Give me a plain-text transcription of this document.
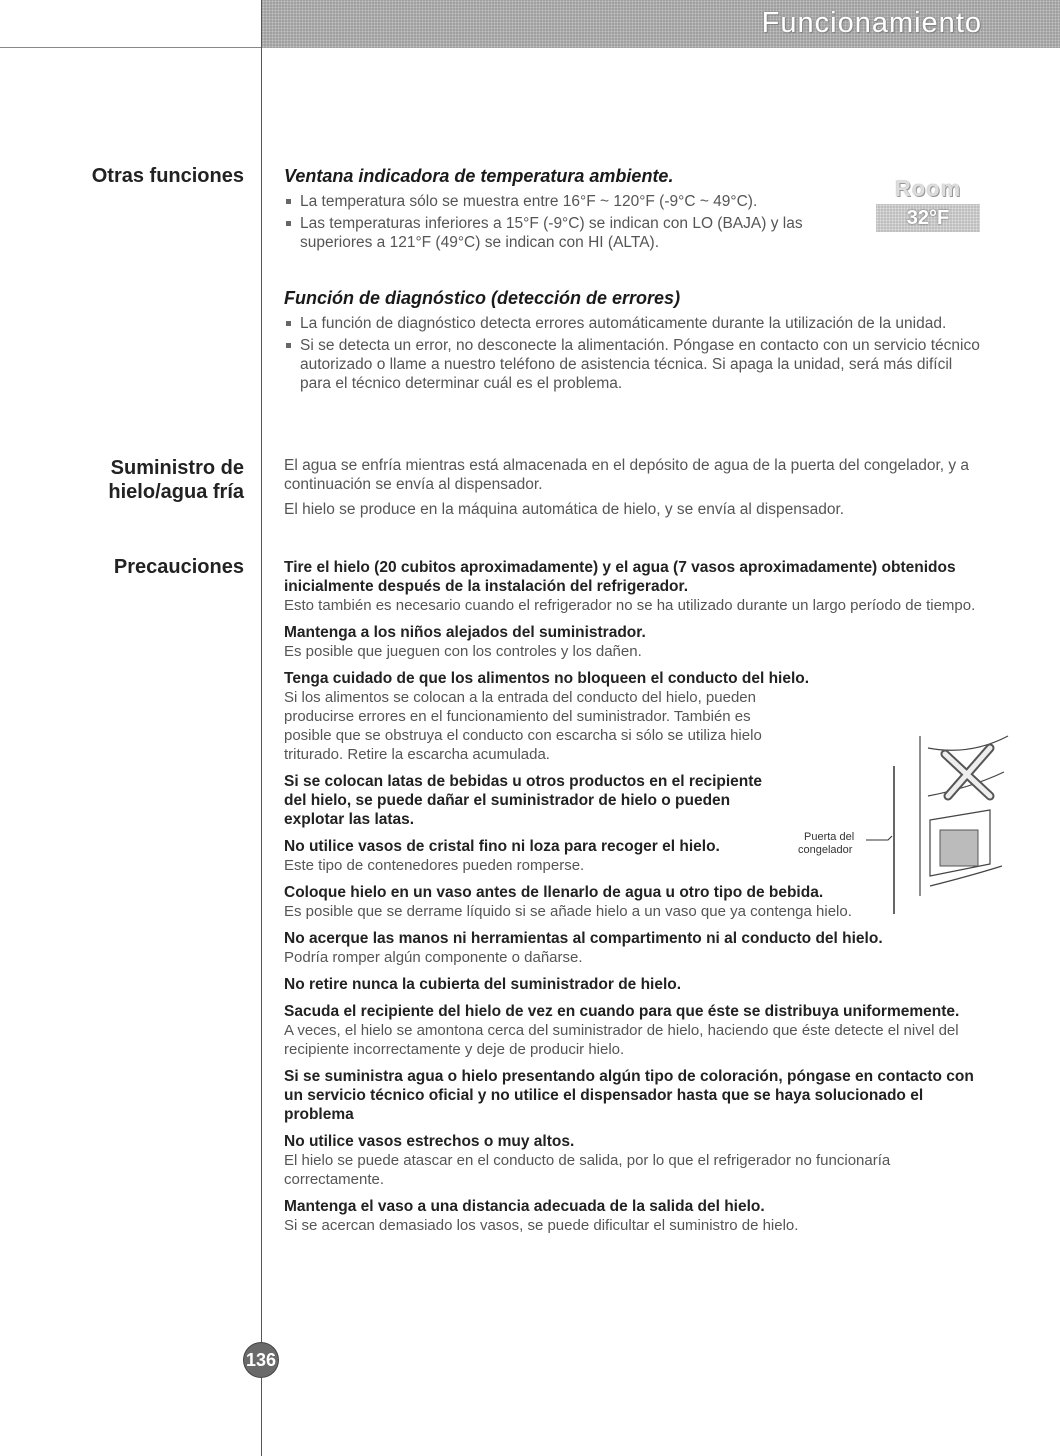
Funcionamiento
Otras funciones
Suministro de
hielo/agua fría
Precauciones
Room
32°F
Ventana indicadora de temperatura ambiente.
La temperatura sólo se muestra entre 16°F ~ 120°F (-9°C ~ 49°C).
Las temperaturas inferiores a 15°F (-9°C) se indican con LO (BAJA) y las superiores a 121°F (49°C) se indican con HI (ALTA).
Función de diagnóstico (detección de errores)
La función de diagnóstico detecta errores automáticamente durante la utilización de la unidad.
Si se detecta un error, no desconecte la alimentación. Póngase en contacto con un servicio técnico autorizado o llame a nuestro teléfono de asistencia técnica. Si apaga la unidad, será más difícil para el técnico determinar cuál es el problema.

El agua se enfría mientras está almacenada en el depósito de agua de la puerta del congelador, y a continuación se envía al dispensador.

El hielo se produce en la máquina automática de hielo, y se envía al dispensador.

Tire el hielo (20 cubitos aproximadamente) y el agua (7 vasos aproximadamente) obtenidos inicialmente después de la instalación del refrigerador.

Esto también es necesario cuando el refrigerador no se ha utilizado durante un largo período de tiempo.

Mantenga a los niños alejados del suministrador.

Es posible que jueguen con los controles y los dañen.

Tenga cuidado de que los alimentos no bloqueen el conducto del hielo.

Si los alimentos se colocan a la entrada del conducto del hielo, pueden producirse errores en el funcionamiento del suministrador. También es posible que se obstruya el conducto con escarcha si sólo se utiliza hielo triturado. Retire la escarcha acumulada.

Si se colocan latas de bebidas u otros productos en el recipiente del hielo, se puede dañar el suministrador de hielo o pueden explotar las latas.

No utilice vasos de cristal fino ni loza para recoger el hielo.

Este tipo de contenedores pueden romperse.

Coloque hielo en un vaso antes de llenarlo de agua u otro tipo de bebida.

Es posible que se derrame líquido si se añade hielo a un vaso que ya contenga hielo.

No acerque las manos ni herramientas al compartimento ni al conducto del hielo.

Podría romper algún componente o dañarse.

No retire nunca la cubierta del suministrador de hielo.

Sacuda el recipiente del hielo de vez en cuando para que éste se distribuya uniformemente.

A veces, el hielo se amontona cerca del suministrador de hielo, haciendo que éste detecte el nivel del recipiente incorrectamente y deje de producir hielo.

Si se suministra agua o hielo presentando algún tipo de coloración, póngase en contacto con un servicio técnico oficial y no utilice el dispensador hasta que se haya solucionado el problema

No utilice vasos estrechos o muy altos.

El hielo se puede atascar en el conducto de salida, por lo que el refrigerador no funcionaría correctamente.

Mantenga el vaso a una distancia adecuada de la salida del hielo.

Si se acercan demasiado los vasos, se puede dificultar el suministro de hielo.

Puerta del
congelador
136
